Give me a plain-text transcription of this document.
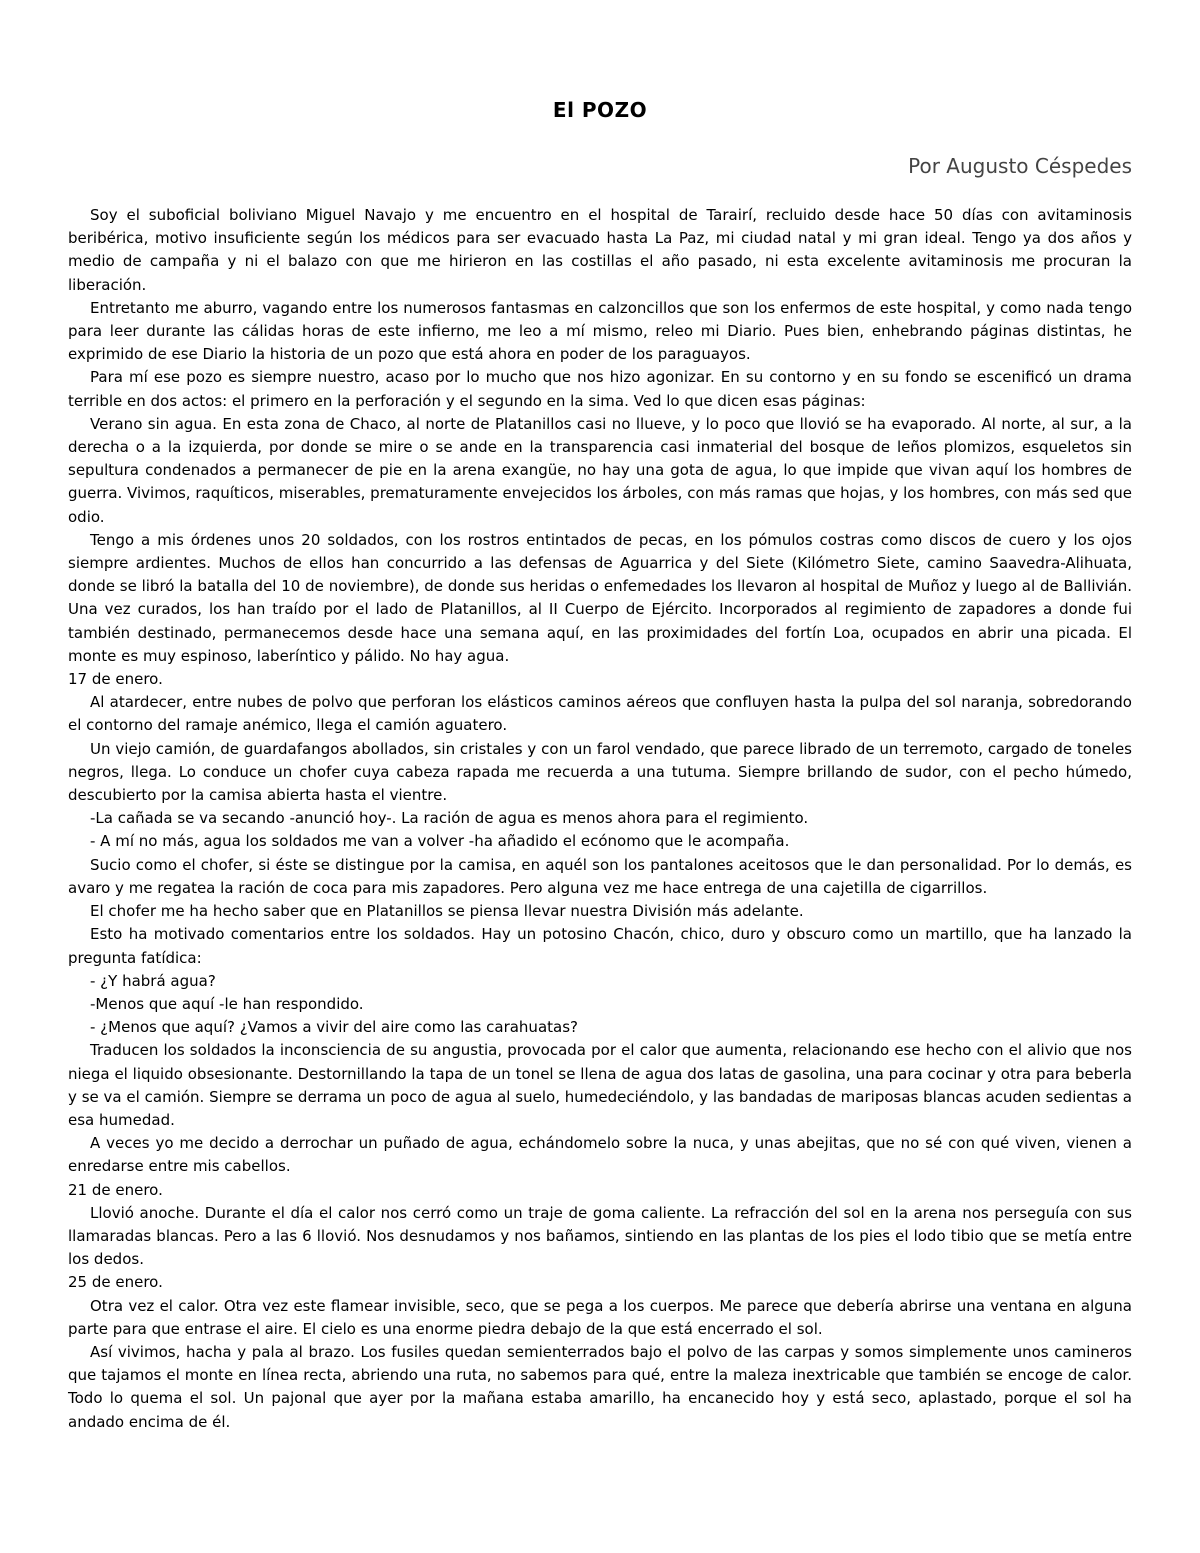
El POZO
Por Augusto Céspedes

Soy el suboficial boliviano Miguel Navajo y me encuentro en el hospital de Tarairí, recluido desde hace 50 días con avitaminosis beribérica, motivo insuficiente según los médicos para ser evacuado hasta La Paz, mi ciudad natal y mi gran ideal. Tengo ya dos años y medio de campaña y ni el balazo con que me hirieron en las costillas el año pasado, ni esta excelente avitaminosis me procuran la liberación.

Entretanto me aburro, vagando entre los numerosos fantasmas en calzoncillos que son los enfermos de este hospital, y como nada tengo para leer durante las cálidas horas de este infierno, me leo a mí mismo, releo mi Diario. Pues bien, enhebrando páginas distintas, he exprimido de ese Diario la historia de un pozo que está ahora en poder de los paraguayos.

Para mí ese pozo es siempre nuestro, acaso por lo mucho que nos hizo agonizar. En su contorno y en su fondo se escenificó un drama terrible en dos actos: el primero en la perforación y el segundo en la sima. Ved lo que dicen esas páginas:

Verano sin agua. En esta zona de Chaco, al norte de Platanillos casi no llueve, y lo poco que llovió se ha evaporado. Al norte, al sur, a la derecha o a la izquierda, por donde se mire o se ande en la transparencia casi inmaterial del bosque de leños plomizos, esqueletos sin sepultura condenados a permanecer de pie en la arena exangüe, no hay una gota de agua, lo que impide que vivan aquí los hombres de guerra. Vivimos, raquíticos, miserables, prematuramente envejecidos los árboles, con más ramas que hojas, y los hombres, con más sed que odio.

Tengo a mis órdenes unos 20 soldados, con los rostros entintados de pecas, en los pómulos costras como discos de cuero y los ojos siempre ardientes. Muchos de ellos han concurrido a las defensas de Aguarrica y del Siete (Kilómetro Siete, camino Saavedra-Alihuata, donde se libró la batalla del 10 de noviembre), de donde sus heridas o enfemedades los llevaron al hospital de Muñoz y luego al de Ballivián. Una vez curados, los han traído por el lado de Platanillos, al II Cuerpo de Ejército. Incorporados al regimiento de zapadores a donde fui también destinado, permanecemos desde hace una semana aquí, en las proximidades del fortín Loa, ocupados en abrir una picada. El monte es muy espinoso, laberíntico y pálido. No hay agua.

17 de enero.

Al atardecer, entre nubes de polvo que perforan los elásticos caminos aéreos que confluyen hasta la pulpa del sol naranja, sobredorando el contorno del ramaje anémico, llega el camión aguatero.

Un viejo camión, de guardafangos abollados, sin cristales y con un farol vendado, que parece librado de un terremoto, cargado de toneles negros, llega. Lo conduce un chofer cuya cabeza rapada me recuerda a una tutuma. Siempre brillando de sudor, con el pecho húmedo, descubierto por la camisa abierta hasta el vientre.

-La cañada se va secando -anunció hoy-. La ración de agua es menos ahora para el regimiento.

- A mí no más, agua los soldados me van a volver -ha añadido el ecónomo que le acompaña.

Sucio como el chofer, si éste se distingue por la camisa, en aquél son los pantalones aceitosos que le dan personalidad. Por lo demás, es avaro y me regatea la ración de coca para mis zapadores. Pero alguna vez me hace entrega de una cajetilla de cigarrillos.

El chofer me ha hecho saber que en Platanillos se piensa llevar nuestra División más adelante.

Esto ha motivado comentarios entre los soldados. Hay un potosino Chacón, chico, duro y obscuro como un martillo, que ha lanzado la pregunta fatídica:

- ¿Y habrá agua?

-Menos que aquí -le han respondido.

- ¿Menos que aquí? ¿Vamos a vivir del aire como las carahuatas?

Traducen los soldados la inconsciencia de su angustia, provocada por el calor que aumenta, relacionando ese hecho con el alivio que nos niega el liquido obsesionante. Destornillando la tapa de un tonel se llena de agua dos latas de gasolina, una para cocinar y otra para beberla y se va el camión. Siempre se derrama un poco de agua al suelo, humedeciéndolo, y las bandadas de mariposas blancas acuden sedientas a esa humedad.

A veces yo me decido a derrochar un puñado de agua, echándomelo sobre la nuca, y unas abejitas, que no sé con qué viven, vienen a enredarse entre mis cabellos.

21 de enero.

Llovió anoche. Durante el día el calor nos cerró como un traje de goma caliente. La refracción del sol en la arena nos perseguía con sus llamaradas blancas. Pero a las 6 llovió. Nos desnudamos y nos bañamos, sintiendo en las plantas de los pies el lodo tibio que se metía entre los dedos.

25 de enero.

Otra vez el calor. Otra vez este flamear invisible, seco, que se pega a los cuerpos. Me parece que debería abrirse una ventana en alguna parte para que entrase el aire. El cielo es una enorme piedra debajo de la que está encerrado el sol.

Así vivimos, hacha y pala al brazo. Los fusiles quedan semienterrados bajo el polvo de las carpas y somos simplemente unos camineros que tajamos el monte en línea recta, abriendo una ruta, no sabemos para qué, entre la maleza inextricable que también se encoge de calor. Todo lo quema el sol. Un pajonal que ayer por la mañana estaba amarillo, ha encanecido hoy y está seco, aplastado, porque el sol ha andado encima de él.
